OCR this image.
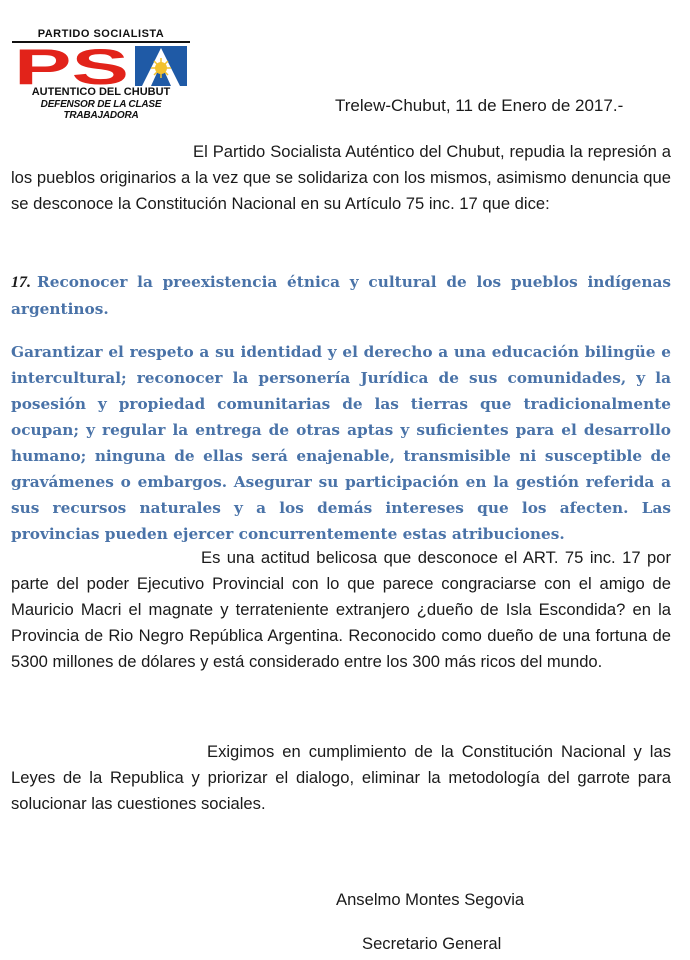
PARTIDO SOCIALISTA
PS
AUTENTICO DEL CHUBUT
DEFENSOR DE LA CLASE TRABAJADORA
Trelew-Chubut, 11 de Enero de 2017.-
El Partido Socialista Auténtico del Chubut, repudia la represión a los pueblos originarios a la vez que se solidariza con los mismos, asimismo denuncia que se desconoce la Constitución Nacional en su Artículo 75 inc. 17 que dice:
17. Reconocer la preexistencia étnica y cultural de los pueblos indígenas argentinos.
Garantizar el respeto a su identidad y el derecho a una educación bilingüe e intercultural; reconocer la personería Jurídica de sus comunidades, y la posesión y propiedad comunitarias de las tierras que tradicionalmente ocupan; y regular la entrega de otras aptas y suficientes para el desarrollo humano; ninguna de ellas será enajenable, transmisible ni susceptible de gravámenes o embargos. Asegurar su participación en la gestión referida a sus recursos naturales y a los demás intereses que los afecten. Las provincias pueden ejercer concurrentemente estas atribuciones.
Es una actitud belicosa que desconoce el ART. 75 inc. 17 por parte del poder Ejecutivo Provincial con lo que parece congraciarse con el amigo de Mauricio Macri el magnate y terrateniente extranjero ¿dueño de Isla Escondida? en la Provincia de Rio Negro República Argentina. Reconocido como dueño de una fortuna de 5300 millones de dólares y está considerado entre los 300 más ricos del mundo.
Exigimos en cumplimiento de la Constitución Nacional y las Leyes de la Republica y priorizar el dialogo, eliminar la metodología del garrote para solucionar las cuestiones sociales.
Anselmo Montes Segovia
Secretario General
